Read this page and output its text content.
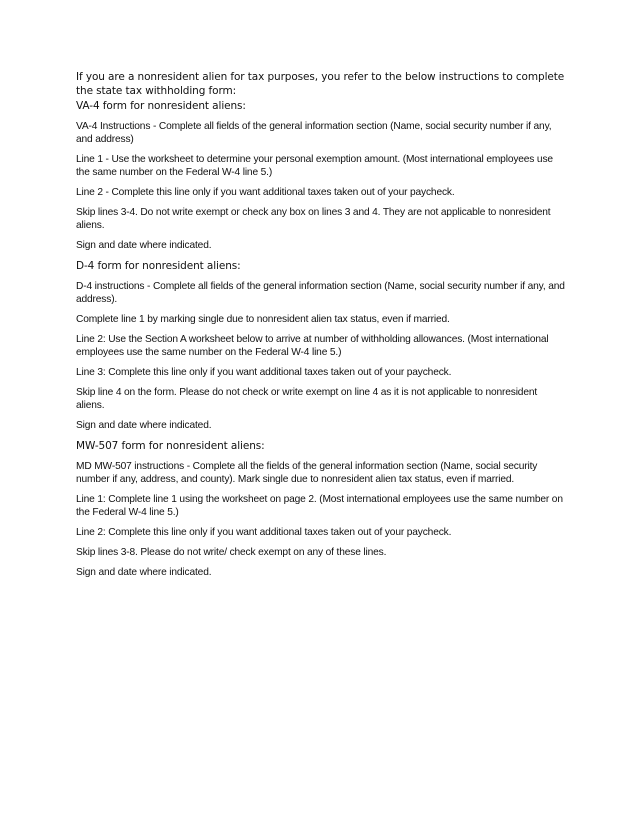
If you are a nonresident alien for tax purposes, you refer to the below instructions to complete the state tax withholding form:

VA-4 form for nonresident aliens:

VA-4 Instructions - Complete all fields of the general information section (Name, social security number if any, and address)

Line 1 - Use the worksheet to determine your personal exemption amount. (Most international employees use the same number on the Federal W-4 line 5.)

Line 2 - Complete this line only if you want additional taxes taken out of your paycheck.

Skip lines 3-4. Do not write exempt or check any box on lines 3 and 4. They are not applicable to nonresident aliens.

Sign and date where indicated.

D-4 form for nonresident aliens:

D-4 instructions - Complete all fields of the general information section (Name, social security number if any, and address).

Complete line 1 by marking single due to nonresident alien tax status, even if married.

Line 2: Use the Section A worksheet below to arrive at number of withholding allowances. (Most international employees use the same number on the Federal W-4 line 5.)

Line 3: Complete this line only if you want additional taxes taken out of your paycheck.

Skip line 4 on the form. Please do not check or write exempt on line 4 as it is not applicable to nonresident aliens.

Sign and date where indicated.

MW-507 form for nonresident aliens:

MD MW-507 instructions - Complete all the fields of the general information section (Name, social security number if any, address, and county). Mark single due to nonresident alien tax status, even if married.

Line 1: Complete line 1 using the worksheet on page 2. (Most international employees use the same number on the Federal W-4 line 5.)

Line 2: Complete this line only if you want additional taxes taken out of your paycheck.

Skip lines 3-8. Please do not write/ check exempt on any of these lines.

Sign and date where indicated.
